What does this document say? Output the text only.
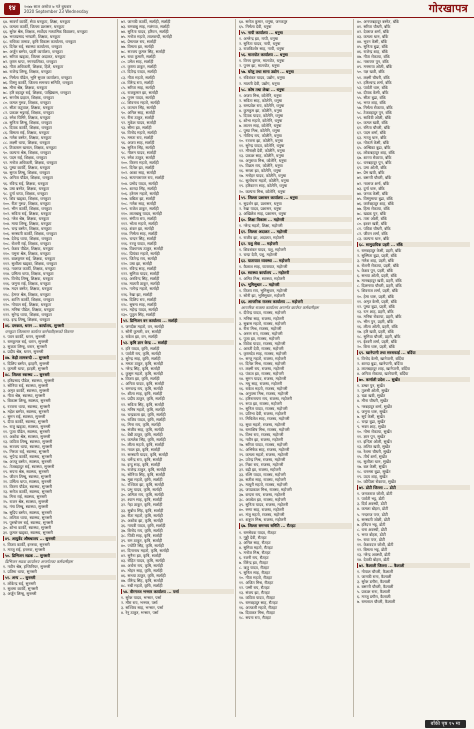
१४	२०७७ साल असोज ७ गते बुधबार
2020 September 23 Wednesday	गोरखापत्र
६४. सावर्ण कार्की, सेवा धनकुटा, शिक्षा, धनकुटा
६५. कमला कार्की, जिल्ला प्रशासन, धनकुटा
६६. सुरेश श्रेष्ठ, शिक्षक, सर्वोदय माध्यमिक विद्यालय, धनकुटा
६७. भरतप्रसाद भण्डारी, शिक्षक, धनकुटा
६८. राधिका तामाङ, कृषि विकास कार्यालय, धनकुटा
६९. दिनेश राई, स्वास्थ्य कार्यालय, धनकुटा
७०. अर्जुन बस्नेत, प्रहरी कार्यालय, धनकुटा
७१. सरिता खड्का, जिल्ला अदालत, धनकुटा
७२. कृष्ण थापा, नगरपालिका, धनकुटा
७३. गीता अधिकारी, शिक्षक, हिले, धनकुटा
७४. राजेन्द्र लिम्बू, शिक्षक, धनकुटा
७५. निर्मला पौडेल, भूमि सुधार कार्यालय, धनकुटा
७६. विष्णु कार्की, जिल्ला समन्वय समिति, धनकुटा
७७. मीना श्रेष्ठ, शिक्षक, धनकुटा
७८. हरि बहादुर राई, शिक्षक, पाख्रिबास, धनकुटा
७९. सन्तोष दाहाल, शिक्षक, धनकुटा
८०. कमल गुरुङ, शिक्षक, धनकुटा
८१. सीता कटुवाल, शिक्षक, धनकुटा
८२. प्रकाश भट्टराई, शिक्षक, धनकुटा
८३. रमेश घिमिरे, शिक्षक, धनकुटा
८४. सुनिता लिम्बू, शिक्षक, धनकुटा
८५. दिपक कार्की, शिक्षक, धनकुटा
८६. बिमला राई, शिक्षक, धनकुटा
८७. गणेश बस्नेत, शिक्षक, धनकुटा
८८. लक्ष्मी थापा, शिक्षक, धनकुटा
८९. टिकाराम खनाल, शिक्षक, धनकुटा
९०. कल्पना श्रेष्ठ, शिक्षक, धनकुटा
९१. पदम राई, शिक्षक, धनकुटा
९२. मनोज अधिकारी, शिक्षक, धनकुटा
९३. पुष्पा कार्की, शिक्षक, धनकुटा
९४. सुरज लिम्बू, शिक्षक, धनकुटा
९५. अनिता पौडेल, शिक्षक, धनकुटा
९६. रविन्द्र राई, शिक्षक, धनकुटा
९७. उषा बस्नेत, शिक्षक, धनकुटा
९८. दुर्गा थापा, शिक्षक, धनकुटा
९९. शिव खड्का, शिक्षक, धनकुटा
१००. रीता गुरुङ, शिक्षक, धनकुटा
१०१. भीम कार्की, शिक्षक, धनकुटा
१०२. सविता राई, शिक्षक, धनकुटा
१०३. नरेश श्रेष्ठ, शिक्षक, धनकुटा
१०४. माया लिम्बू, शिक्षक, धनकुटा
१०५. चन्द्र बस्नेत, शिक्षक, धनकुटा
१०६. सरस्वती कार्की, शिक्षक, धनकुटा
१०७. देवेन्द्र थापा, शिक्षक, धनकुटा
१०८. रोशनी राई, शिक्षक, धनकुटा
१०९. केशव पौडेल, शिक्षक, धनकुटा
११०. यमुना श्रेष्ठ, शिक्षक, धनकुटा
१११. बालकृष्ण राई, शिक्षक, धनकुटा
११२. सुशीला खड्का, शिक्षक, धनकुटा
११३. नवराज कार्की, शिक्षक, धनकुटा
११४. प्रमिला थापा, शिक्षक, धनकुटा
११५. विनोद लिम्बू, शिक्षक, धनकुटा
११६. जमुना राई, शिक्षक, धनकुटा
११७. मदन बस्नेत, शिक्षक, धनकुटा
११८. हेमन्त श्रेष्ठ, शिक्षक, धनकुटा
११९. शान्ति कार्की, शिक्षक, धनकुटा
१२०. गोपाल राई, शिक्षक, धनकुटा
१२१. मनिषा पौडेल, शिक्षक, धनकुटा
१२२. सुरेन्द्र थापा, शिक्षक, धनकुटा
१२३. इन्द्र लिम्बू, शिक्षक, धनकुटा
४६. दमकल, धरान ... कार्यालय, सुनसरी
धनकुटा जिल्लामा कार्यरत कर्मचारीहरूको विवरण
१. पवन कार्की, धरान, सुनसरी
२. रामकुमार राई, धरान, सुनसरी
३. सुजता लिम्बू, धरान, सुनसरी
४. प्रदीप श्रेष्ठ, धरान, सुनसरी
४७. केही लामबन्दी ... सुनसरी
१. दिलिप बस्नेत, इटहरी, सुनसरी
२. कुमारी थापा, इटहरी, सुनसरी
४८. जिल्ला स्वास्थ्य ... सुनसरी
१. हरिप्रसाद पौडेल, स्वास्थ्य, सुनसरी
२. सोनिया राई, स्वास्थ्य, सुनसरी
३. अमृत कार्की, स्वास्थ्य, सुनसरी
४. नीता श्रेष्ठ, स्वास्थ्य, सुनसरी
५. बिकास लिम्बू, स्वास्थ्य, सुनसरी
६. रञ्जना थापा, स्वास्थ्य, सुनसरी
७. महेश बस्नेत, स्वास्थ्य, सुनसरी
८. सुमन राई, स्वास्थ्य, सुनसरी
९. दीपा कार्की, स्वास्थ्य, सुनसरी
१०. राजु खड्का, स्वास्थ्य, सुनसरी
११. पूजा पौडेल, स्वास्थ्य, सुनसरी
१२. अशोक श्रेष्ठ, स्वास्थ्य, सुनसरी
१३. कविता लिम्बू, स्वास्थ्य, सुनसरी
१४. सञ्जय थापा, स्वास्थ्य, सुनसरी
१५. निरुता राई, स्वास्थ्य, सुनसरी
१६. भुपेन्द्र कार्की, स्वास्थ्य, सुनसरी
१७. अञ्जु बस्नेत, स्वास्थ्य, सुनसरी
१८. तेजबहादुर राई, स्वास्थ्य, सुनसरी
१९. सपना श्रेष्ठ, स्वास्थ्य, सुनसरी
२०. जीवन लिम्बू, स्वास्थ्य, सुनसरी
२१. उर्मिला थापा, स्वास्थ्य, सुनसरी
२२. किरण पौडेल, स्वास्थ्य, सुनसरी
२३. सरोज कार्की, स्वास्थ्य, सुनसरी
२४. मिना राई, स्वास्थ्य, सुनसरी
२५. राजन श्रेष्ठ, स्वास्थ्य, सुनसरी
२६. गंगा लिम्बू, स्वास्थ्य, सुनसरी
२७. सुदिप बस्नेत, स्वास्थ्य, सुनसरी
२८. ललिता थापा, स्वास्थ्य, सुनसरी
२९. पुरुषोत्तम राई, स्वास्थ्य, सुनसरी
३०. शोभा कार्की, स्वास्थ्य, सुनसरी
३१. कुमार खड्का, स्वास्थ्य, सुनसरी
४९. आयुर्वेद औषधालय ... सुनसरी
१. विजय कार्की, इनरुवा, सुनसरी
२. मञ्जु राई, इनरुवा, सुनसरी
५०. डिभिजन सडक ... सुनसरी
डिभिजन सडक कार्यालय अन्तर्गतका कर्मचारीहरू
१. नवीन श्रेष्ठ, इन्जिनियर, सुनसरी
२. प्रतिमा थापा, सुनसरी
५१. अन्य ... सुनसरी
१. लोकेन्द्र राई, सुनसरी
२. सुशमा कार्की, सुनसरी
३. अर्जुन लिम्बू, सुनसरी
७२. जानकी कार्की, सर्लाही, सर्लाही
७३. रामबाबु साह, मलंगवा, सर्लाही
७४. सुनिता यादव, हरिवन, सर्लाही
७५. मनोज महतो, लालबन्दी, सर्लाही
७६. प्रेमलाल राय, सर्लाही
७७. विमला झा, सर्लाही
७८. सञ्जय कुमार सिंह, सर्लाही
७९. राधा कुमारी, सर्लाही
८०. उमेश साह, सर्लाही
८१. कृष्णा ठाकुर, सर्लाही
८२. दिपेन्द्र यादव, सर्लाही
८३. गीता महतो, सर्लाही
८४. विरेन्द्र राय, सर्लाही
८५. सरिता साह, सर्लाही
८६. राजकुमार झा, सर्लाही
८७. पूनम यादव, सर्लाही
८८. शिवनाथ महतो, सर्लाही
८९. कञ्चन सिंह, सर्लाही
९०. अनिल साह, सर्लाही
९१. रीना ठाकुर, सर्लाही
९२. मुकेश यादव, सर्लाही
९३. सीमा झा, सर्लाही
९४. विनोद महतो, सर्लाही
९५. ममता राय, सर्लाही
९६. अजय साह, सर्लाही
९७. सुनिल सिंह, सर्लाही
९८. नीलम यादव, सर्लाही
९९. रमेश ठाकुर, सर्लाही
१००. किरण महतो, सर्लाही
१०१. दिनेश झा, सर्लाही
१०२. आशा साह, सर्लाही
१०३. सत्यनारायण राय, सर्लाही
१०४. प्रमोद यादव, सर्लाही
१०५. शारदा सिंह, सर्लाही
१०६. हरेराम महतो, सर्लाही
१०७. बबिता झा, सर्लाही
१०८. गणेश साह, सर्लाही
१०९. राजेश ठाकुर, सर्लाही
११०. लालबाबु यादव, सर्लाही
१११. संगीता राय, सर्लाही
११२. भोला महतो, सर्लाही
११३. शंकर झा, सर्लाही
११४. निर्मला साह, सर्लाही
११५. चन्दन सिंह, सर्लाही
११६. रञ्जु यादव, सर्लाही
११७. विश्वनाथ ठाकुर, सर्लाही
११८. प्रियंका महतो, सर्लाही
११९. जितेन्द्र राय, सर्लाही
१२०. उषा झा, सर्लाही
१२१. रविन्द्र साह, सर्लाही
१२२. सुमित्रा यादव, सर्लाही
१२३. अरविन्द सिंह, सर्लाही
१२४. मालती ठाकुर, सर्लाही
१२५. नागेन्द्र महतो, सर्लाही
१२६. रेखा झा, सर्लाही
१२७. दिलिप राय, सर्लाही
१२८. सुषमा साह, सर्लाही
१२९. महेन्द्र यादव, सर्लाही
१३०. पुतुल सिंह, सर्लाही
५२. डिभिजन वन कार्यालय ... सर्लाही
१. जगदीश महतो, वन, सर्लाही
२. सोनी कुमारी, वन, सर्लाही
३. राकेश झा, वन, सर्लाही
५३. कृषि ज्ञान केन्द्र ... सर्लाही
१. हरि यादव, कृषि, सर्लाही
२. पार्वती राय, कृषि, सर्लाही
३. सुरेन्द्र साह, कृषि, सर्लाही
४. ममता ठाकुर, कृषि, सर्लाही
५. नरेन्द्र सिंह, कृषि, सर्लाही
६. कुसुम महतो, कृषि, सर्लाही
७. विजय झा, कृषि, सर्लाही
८. अनिता यादव, कृषि, सर्लाही
९. रामचन्द्र राय, कृषि, सर्लाही
१०. शीला साह, कृषि, सर्लाही
११. प्रदीप ठाकुर, कृषि, सर्लाही
१२. सविता सिंह, कृषि, सर्लाही
१३. मनिष महतो, कृषि, सर्लाही
१४. चन्द्रकला झा, कृषि, सर्लाही
१५. राजिव यादव, कृषि, सर्लाही
१६. मिना राय, कृषि, सर्लाही
१७. संजीव साह, कृषि, सर्लाही
१८. बेबी ठाकुर, कृषि, सर्लाही
१९. कमलेश सिंह, कृषि, सर्लाही
२०. लीला महतो, कृषि, सर्लाही
२१. नवल झा, कृषि, सर्लाही
२२. सरस्वती यादव, कृषि, सर्लाही
२३. धर्मेन्द्र राय, कृषि, सर्लाही
२४. इन्दु साह, कृषि, सर्लाही
२५. राजेन्द्र ठाकुर, कृषि, सर्लाही
२६. सोनिया सिंह, कृषि, सर्लाही
२७. मुन्ना महतो, कृषि, सर्लाही
२८. रञ्जिता झा, कृषि, सर्लाही
२९. प्रभु यादव, कृषि, सर्लाही
३०. अमिता राय, कृषि, सर्लाही
३१. श्याम साह, कृषि, सर्लाही
३२. नेहा ठाकुर, कृषि, सर्लाही
३३. सुबोध सिंह, कृषि, सर्लाही
३४. रीता महतो, कृषि, सर्लाही
३५. अशोक झा, कृषि, सर्लाही
३६. गायत्री यादव, कृषि, सर्लाही
३७. बिनोद राय, कृषि, सर्लाही
३८. पिंकी साह, कृषि, सर्लाही
३९. राम ठाकुर, कृषि, सर्लाही
४०. ज्योति सिंह, कृषि, सर्लाही
४१. दिनानाथ महतो, कृषि, सर्लाही
४२. सुनैना झा, कृषि, सर्लाही
४३. रोहित यादव, कृषि, सर्लाही
४४. अर्चना राय, कृषि, सर्लाही
४५. मोहन साह, कृषि, सर्लाही
४६. सन्ध्या ठाकुर, कृषि, सर्लाही
४७. वीरेन्द्र सिंह, कृषि, सर्लाही
४८. रुबी महतो, कृषि, सर्लाही
५४. वीरगञ्ज भन्सार कार्यालय ... पर्सा
१. सुरेश यादव, भन्सार, पर्सा
२. मीरा राय, भन्सार, पर्सा
३. सञ्जिव साह, भन्सार, पर्सा
४. रेनु ठाकुर, भन्सार, पर्सा
६४. सरोज कुमार, धनुषा, जनकपुर
६५. निर्मला देवी, धनुषा
५५. नापी कार्यालय ... धनुषा
१. अमरेन्द्र झा, नापी, धनुषा
२. सुनिता यादव, नापी, धनुषा
३. राजकिशोर साह, नापी, धनुषा
५६. मालपोत कार्यालय ... धनुषा
१. विनय कुमार, मालपोत, धनुषा
२. पुनम झा, मालपोत, धनुषा
५७. घरेलु तथा साना उद्योग ... धनुषा
१. रविशंकर यादव, उद्योग, धनुषा
२. मालती देवी, उद्योग, धनुषा
५८. कोष तथा लेखा ... धनुषा
१. अजय मिश्र, कोलेनि, धनुषा
२. सविता साह, कोलेनि, धनुषा
३. रामप्रवेश राय, कोलेनि, धनुषा
४. कुमकुम झा, कोलेनि, धनुषा
५. दिपक यादव, कोलेनि, धनुषा
६. शोभा महतो, कोलेनि, धनुषा
७. लालन साह, कोलेनि, धनुषा
८. पुष्पा मिश्र, कोलेनि, धनुषा
९. गोविन्द राय, कोलेनि, धनुषा
१०. रञ्जना झा, कोलेनि, धनुषा
११. सुरेन्द्र यादव, कोलेनि, धनुषा
१२. मीनाक्षी देवी, कोलेनि, धनुषा
१३. प्रकाश साह, कोलेनि, धनुषा
१४. अनुराधा मिश्र, कोलेनि, धनुषा
१५. विक्रम राय, कोलेनि, धनुषा
१६. सरला झा, कोलेनि, धनुषा
१७. मनोहर यादव, कोलेनि, धनुषा
१८. सुलोचना महतो, कोलेनि, धनुषा
१९. हरिकान्त साह, कोलेनि, धनुषा
२०. कल्पना मिश्र, कोलेनि, धनुषा
५९. जिल्ला प्रशासन कार्यालय ... धनुषा
१. सुदर्शन झा, प्रशासन, धनुषा
२. रेखा यादव, प्रशासन, धनुषा
३. अखिलेश साह, प्रशासन, धनुषा
६०. शिक्षा विकास ... महोत्तरी
१. नरेन्द्र महतो, शिक्षा, महोत्तरी
६१. जिल्ला अदालत ... महोत्तरी
१. राजीव झा, अदालत, महोत्तरी
६२. पशु सेवा ... महोत्तरी
१. शिवशंकर यादव, पशु, महोत्तरी
२. चन्दा देवी, पशु, महोत्तरी
६३. यातायात व्यवस्था ... महोत्तरी
१. कैलाश साह, यातायात, महोत्तरी
६४. स्वास्थ्य कार्यालय ... महोत्तरी
१. अमित मिश्र, स्वास्थ्य, महोत्तरी
६५. भूमिसुधार ... महोत्तरी
१. विजय राय, भूमिसुधार, महोत्तरी
२. सोनी झा, भूमिसुधार, महोत्तरी
६६. आन्तरिक राजस्व कार्यालय ... महोत्तरी
आन्तरिक राजस्व कार्यालय अन्तर्गत कार्यरत कर्मचारीहरू
१. दीपेन्द्र यादव, राजस्व, महोत्तरी
२. मनिषा साह, राजस्व, महोत्तरी
३. सुबास महतो, राजस्व, महोत्तरी
४. रीना मिश्र, राजस्व, महोत्तरी
५. अरुण राय, राजस्व, महोत्तरी
६. पूजा झा, राजस्व, महोत्तरी
७. विवेक यादव, राजस्व, महोत्तरी
८. आरती देवी, राजस्व, महोत्तरी
९. कृष्णदेव साह, राजस्व, महोत्तरी
१०. सन्जु महतो, राजस्व, महोत्तरी
११. दिनेश मिश्र, राजस्व, महोत्तरी
१२. लक्ष्मी राय, राजस्व, महोत्तरी
१३. पंकज झा, राजस्व, महोत्तरी
१४. सुमन यादव, राजस्व, महोत्तरी
१५. मधु साह, राजस्व, महोत्तरी
१६. राकेश महतो, राजस्व, महोत्तरी
१७. अनुपमा मिश्र, राजस्व, महोत्तरी
१८. हरिनारायण राय, राजस्व, महोत्तरी
१९. रूपा झा, राजस्व, महोत्तरी
२०. सुनिल यादव, राजस्व, महोत्तरी
२१. प्रतिभा देवी, राजस्व, महोत्तरी
२२. मिथिलेश साह, राजस्व, महोत्तरी
२३. सुधा महतो, राजस्व, महोत्तरी
२४. रामाशिष मिश्र, राजस्व, महोत्तरी
२५. विभा राय, राजस्व, महोत्तरी
२६. नवीन झा, राजस्व, महोत्तरी
२७. सरिता यादव, राजस्व, महोत्तरी
२८. अभिषेक साह, राजस्व, महोत्तरी
२९. कमला महतो, राजस्व, महोत्तरी
३०. उपेन्द्र मिश्र, राजस्व, महोत्तरी
३१. निशा राय, राजस्व, महोत्तरी
३२. बद्री झा, राजस्व, महोत्तरी
३३. रश्मि यादव, राजस्व, महोत्तरी
३४. सतीश साह, राजस्व, महोत्तरी
३५. माधुरी महतो, राजस्व, महोत्तरी
३६. जयप्रकाश मिश्र, राजस्व, महोत्तरी
३७. बन्दना राय, राजस्व, महोत्तरी
३८. अवधेश झा, राजस्व, महोत्तरी
३९. सुनिता यादव, राजस्व, महोत्तरी
४०. रमण साह, राजस्व, महोत्तरी
४१. मंजु महतो, राजस्व, महोत्तरी
४२. शत्रुघ्न मिश्र, राजस्व, महोत्तरी
६७. जिल्ला समन्वय समिति ... रौतहट
१. रामसेवक यादव, रौतहट
२. गुड्डी देवी, रौतहट
३. अनिल साह, रौतहट
४. सुमित्रा महतो, रौतहट
५. मनोज मिश्र, रौतहट
६. रजनी राय, रौतहट
७. विरेन्द्र झा, रौतहट
८. ऋतु यादव, रौतहट
९. सुनिल साह, रौतहट
१०. गीता महतो, रौतहट
११. अजित मिश्र, रौतहट
१२. पम्मी राय, रौतहट
१३. संजय झा, रौतहट
१४. कविता यादव, रौतहट
१५. रामबहादुर साह, रौतहट
१६. अञ्जली महतो, रौतहट
१७. दिवाकर मिश्र, रौतहट
१८. सपना राय, रौतहट
४०. अनन्तबहादुर बस्नेत, बाँके
४१. सरिता चौधरी, बाँके
४२. देवराज शर्मा, बाँके
४३. कमला थारु, बाँके
४४. भुवन केसी, बाँके
४५. सुनिता बुढा, बाँके
४६. राजेन्द्र शाह, बाँके
४७. गीता रोकाया, बाँके
४८. नारायण पुन, बाँके
४९. मनमाया ओली, बाँके
५०. यज्ञ खत्री, बाँके
५१. लक्ष्मी चौधरी, बाँके
५२. हरिश्चन्द्र शर्मा, बाँके
५३. पार्वती थारु, बाँके
५४. दीपक केसी, बाँके
५५. सीता बुढा, बाँके
५६. भरत शाह, बाँके
५७. निर्मला रोकाया, बाँके
५८. टेकबहादुर पुन, बाँके
५९. सावित्री ओली, बाँके
६०. कमल खत्री, बाँके
६१. रमिता चौधरी, बाँके
६२. पदम शर्मा, बाँके
६३. मञ्जु थारु, बाँके
६४. गोकर्ण केसी, बाँके
६५. अम्बिका बुढा, बाँके
६६. लोकबहादुर शाह, बाँके
६७. शान्ता रोकाया, बाँके
६८. धनबहादुर पुन, बाँके
६९. उमा ओली, बाँके
७०. प्रेम खत्री, बाँके
७१. बसन्ती चौधरी, बाँके
७२. नवराज शर्मा, बाँके
७३. दुर्गा थारु, बाँके
७४. जनक केसी, बाँके
७५. विष्णुमाया बुढा, बाँके
७६. कर्णबहादुर शाह, बाँके
७७. हिमा रोकाया, बाँके
७८. खडक पुन, बाँके
७९. तारा ओली, बाँके
८०. इश्वर खत्री, बाँके
८१. पवित्रा चौधरी, बाँके
८२. जीवन शर्मा, बाँके
८३. कल्पना थारु, बाँके
६८. सामुदायिक प्रहरी ... बाँके
१. रामबहादुर केसी, प्रहरी, बाँके
२. सुस्मिता बुढा, प्रहरी, बाँके
३. गणेश शाह, प्रहरी, बाँके
४. रोशनी रोकाया, प्रहरी, बाँके
५. केशव पुन, प्रहरी, बाँके
६. सन्ध्या ओली, प्रहरी, बाँके
७. मानबहादुर खत्री, प्रहरी, बाँके
८. दिलमाया चौधरी, प्रहरी, बाँके
९. शिवराज शर्मा, प्रहरी, बाँके
१०. हेमा थारु, प्रहरी, बाँके
११. अमृत केसी, प्रहरी, बाँके
१२. पुष्पा बुढा, प्रहरी, बाँके
१३. रत्न शाह, प्रहरी, बाँके
१४. मनिषा रोकाया, प्रहरी, बाँके
१५. भीम पुन, प्रहरी, बाँके
१६. लीला ओली, प्रहरी, बाँके
१७. हरि खत्री, प्रहरी, बाँके
१८. सुमित्रा चौधरी, प्रहरी, बाँके
१९. ईश्वरी शर्मा, प्रहरी, बाँके
२०. बिना थारु, प्रहरी, बाँके
६९. खानेपानी तथा सरसफाई ... बर्दिया
१. विनोद केसी, खानेपानी, बर्दिया
२. शारदा बुढा, खानेपानी, बर्दिया
३. लालबहादुर शाह, खानेपानी, बर्दिया
४. अनिता रोकाया, खानेपानी, बर्दिया
७०. कर्णाली प्रदेश ... सुर्खेत
१. डम्बर पुन, सुर्खेत
२. तुलसी ओली, सुर्खेत
३. चक्र खत्री, सुर्खेत
४. मीना चौधरी, सुर्खेत
५. नरबहादुर शर्मा, सुर्खेत
६. जमुना थारु, सुर्खेत
७. सूर्य केसी, सुर्खेत
८. चन्द्रा बुढा, सुर्खेत
९. भक्त शाह, सुर्खेत
१०. गोमा रोकाया, सुर्खेत
११. ज्ञान पुन, सुर्खेत
१२. इन्दिरा ओली, सुर्खेत
१३. ललित खत्री, सुर्खेत
१४. रेशमा चौधरी, सुर्खेत
१५. तीर्थ शर्मा, सुर्खेत
१६. सुशीला थारु, सुर्खेत
१७. बल केसी, सुर्खेत
१८. धनसरा बुढा, सुर्खेत
१९. उदय शाह, सुर्खेत
२०. कोपिला रोकाया, सुर्खेत
७१. डोटी जिल्ला ... डोटी
१. जनकराज जोशी, डोटी
२. पार्वती भट्ट, डोटी
३. दिर्घ अवस्थी, डोटी
४. कमला बोहरा, डोटी
५. नन्दराज पन्त, डोटी
६. सरस्वती जोशी, डोटी
७. हरिदत्त भट्ट, डोटी
८. धना अवस्थी, डोटी
९. भरत बोहरा, डोटी
१०. राधा पन्त, डोटी
११. केशवदत्त जोशी, डोटी
१२. बिमला भट्ट, डोटी
१३. नरेन्द्र अवस्थी, डोटी
१४. देवकी बोहरा, डोटी
७२. कैलाली जिल्ला ... कैलाली
१. गोपाल चौधरी, कैलाली
२. जानकी राना, कैलाली
३. सुरेश डगौरा, कैलाली
४. बसन्ती चौधरी, कैलाली
५. प्रकाश राना, कैलाली
६. मञ्जु डगौरा, कैलाली
७. रामलाल चौधरी, कैलाली
बाँकी पृष्ठ १५ मा
